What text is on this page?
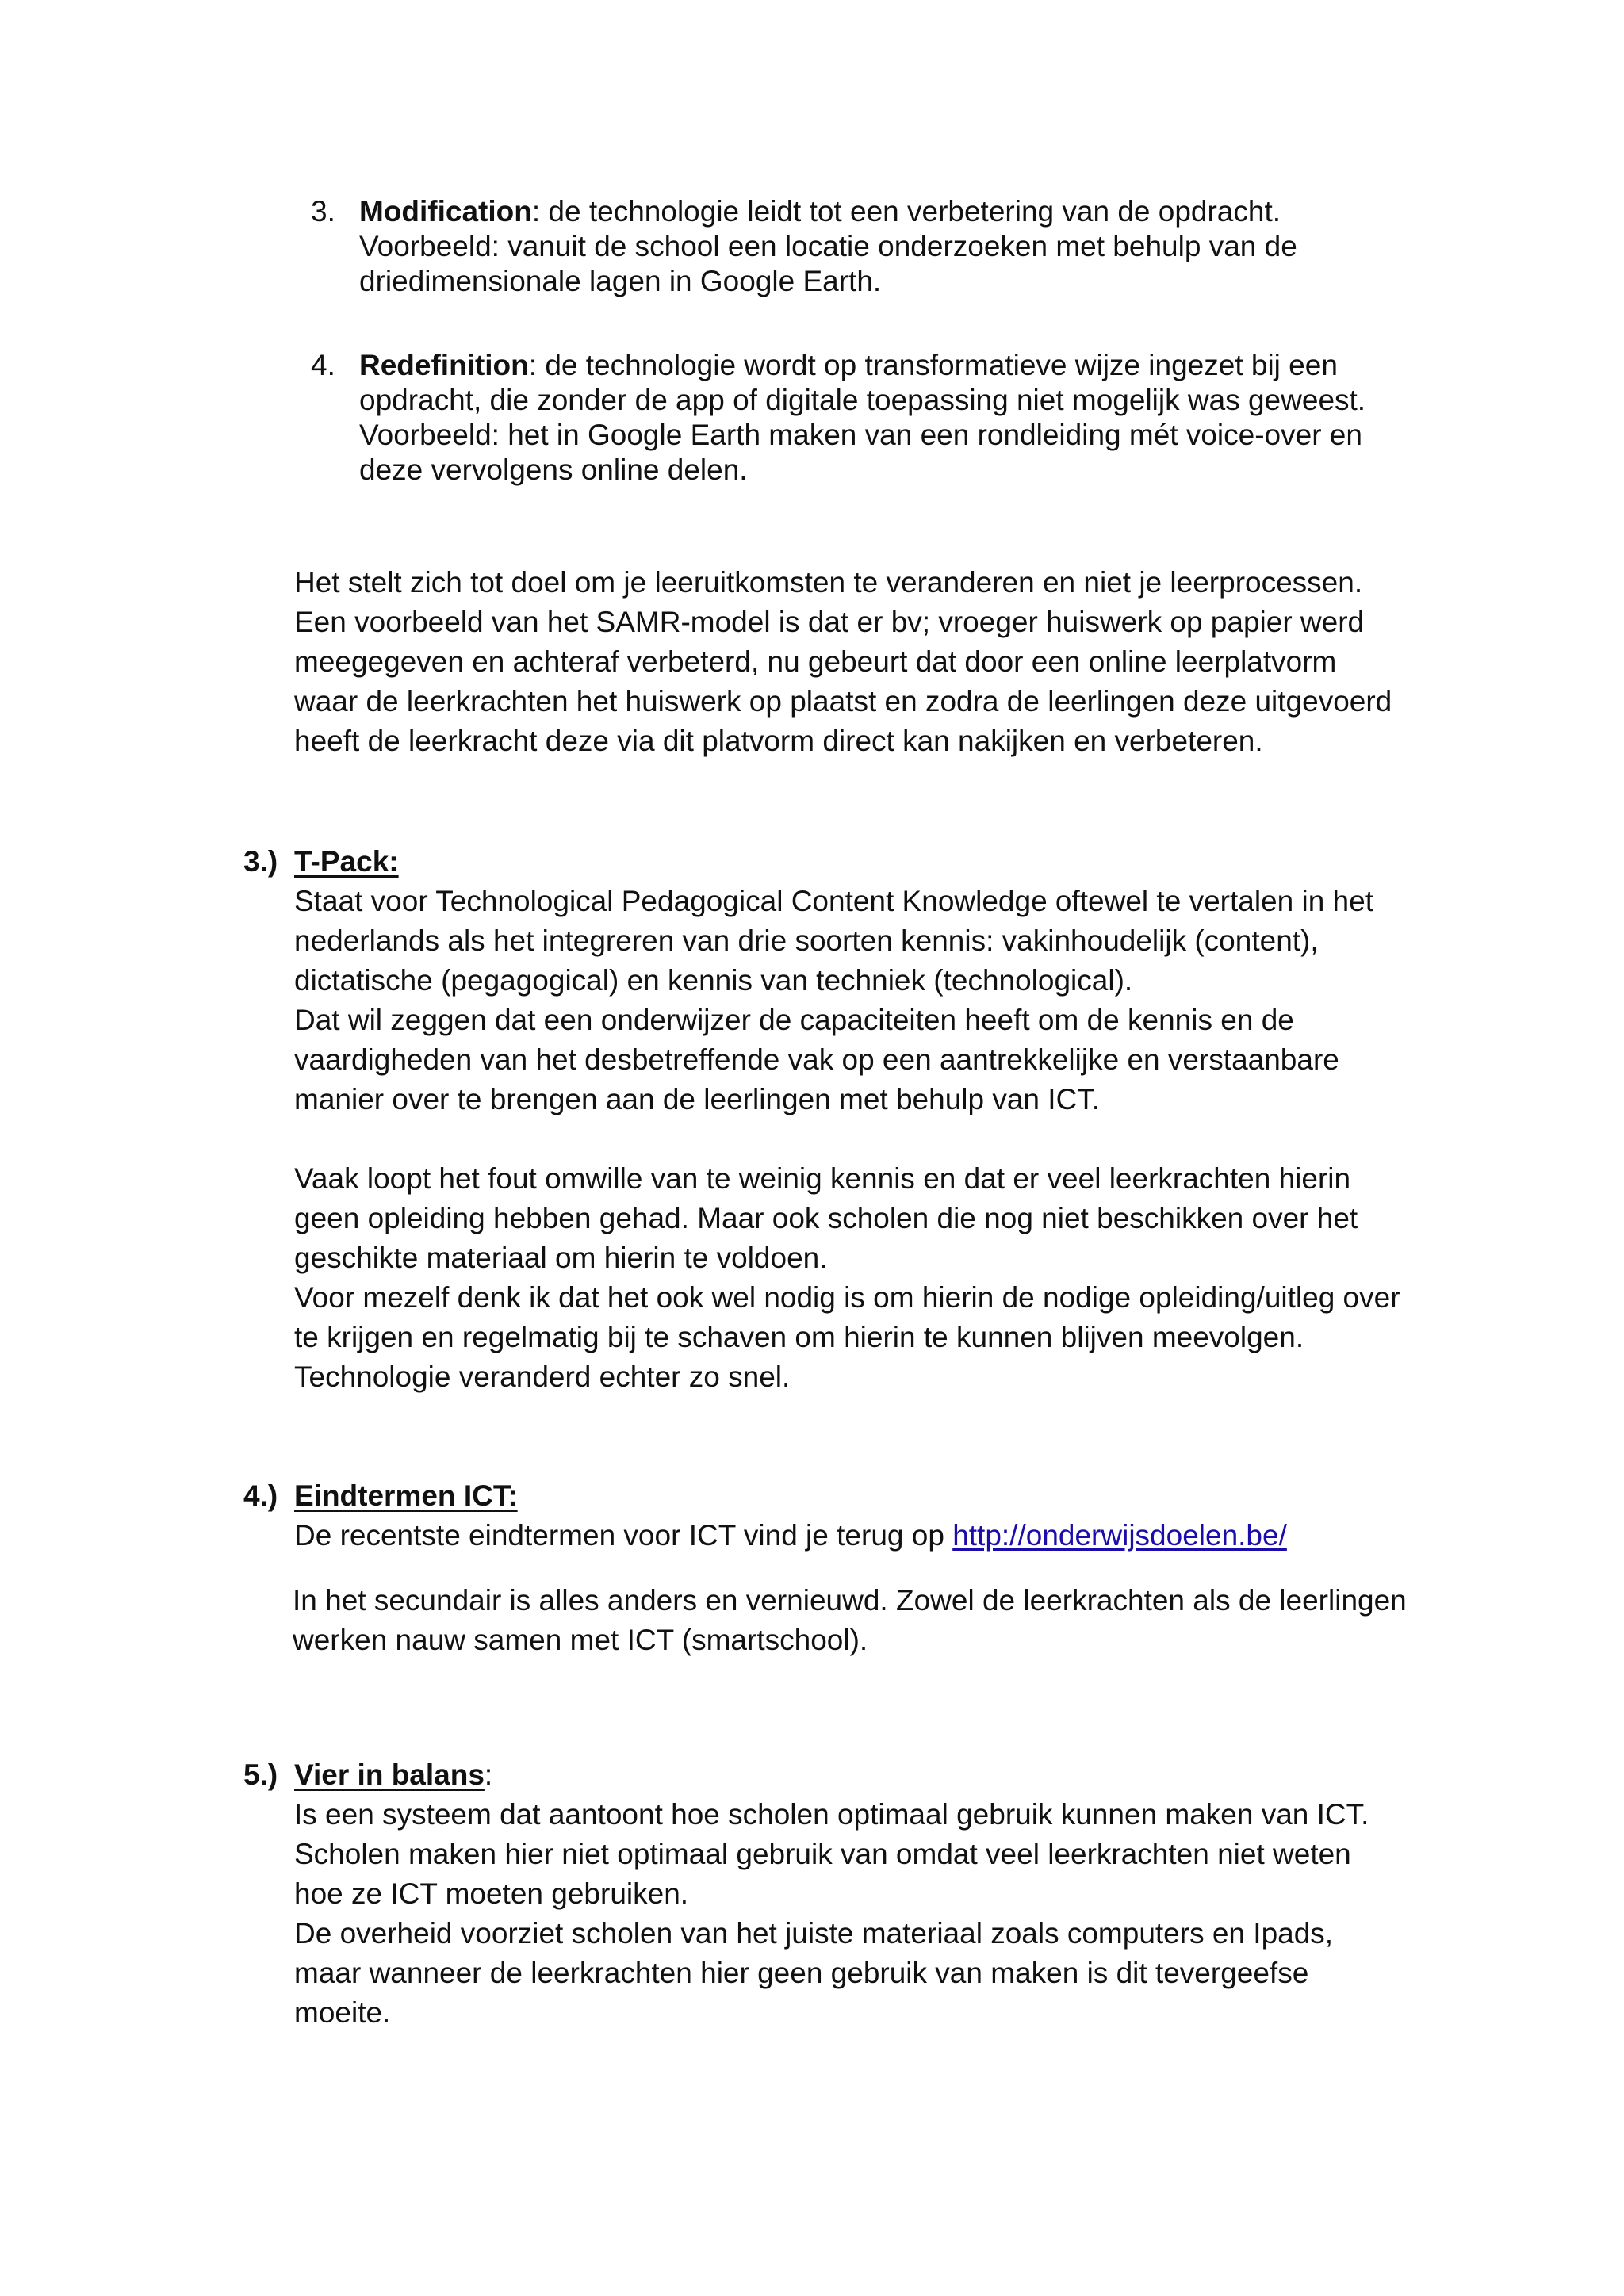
3. Modification: de technologie leidt tot een verbetering van de opdracht.
Voorbeeld: vanuit de school een locatie onderzoeken met behulp van de
driedimensionale lagen in Google Earth.
4. Redefinition: de technologie wordt op transformatieve wijze ingezet bij een
opdracht, die zonder de app of digitale toepassing niet mogelijk was geweest.
Voorbeeld: het in Google Earth maken van een rondleiding mét voice-over en
deze vervolgens online delen.
Het stelt zich tot doel om je leeruitkomsten te veranderen en niet je leerprocessen.
Een voorbeeld van het SAMR-model is dat er bv; vroeger huiswerk op papier werd
meegegeven en achteraf verbeterd, nu gebeurt dat door een online leerplatvorm
waar de leerkrachten het huiswerk op plaatst en zodra de leerlingen deze uitgevoerd
heeft de leerkracht deze via dit platvorm direct kan nakijken en verbeteren.
3.) T-Pack:
Staat voor Technological Pedagogical Content Knowledge oftewel te vertalen in het
nederlands als het integreren van drie soorten kennis: vakinhoudelijk (content),
dictatische (pegagogical) en kennis van techniek (technological).
Dat wil zeggen dat een onderwijzer de capaciteiten heeft om de kennis en de
vaardigheden van het desbetreffende vak op een aantrekkelijke en verstaanbare
manier over te brengen aan de leerlingen met behulp van ICT.
Vaak loopt het fout omwille van te weinig kennis en dat er veel leerkrachten hierin
geen opleiding hebben gehad. Maar ook scholen die nog niet beschikken over het
geschikte materiaal om hierin te voldoen.
Voor mezelf denk ik dat het ook wel nodig is om hierin de nodige opleiding/uitleg over
te krijgen en regelmatig bij te schaven om hierin te kunnen blijven meevolgen.
Technologie veranderd echter zo snel.
4.) Eindtermen ICT:
De recentste eindtermen voor ICT vind je terug op http://onderwijsdoelen.be/
In het secundair is alles anders en vernieuwd. Zowel de leerkrachten als de leerlingen
werken nauw samen met ICT (smartschool).
5.) Vier in balans:
Is een systeem dat aantoont hoe scholen optimaal gebruik kunnen maken van ICT.
Scholen maken hier niet optimaal gebruik van omdat veel leerkrachten niet weten
hoe ze ICT moeten gebruiken.
De overheid voorziet scholen van het juiste materiaal zoals computers en Ipads,
maar wanneer de leerkrachten hier geen gebruik van maken is dit tevergeefse
moeite.
